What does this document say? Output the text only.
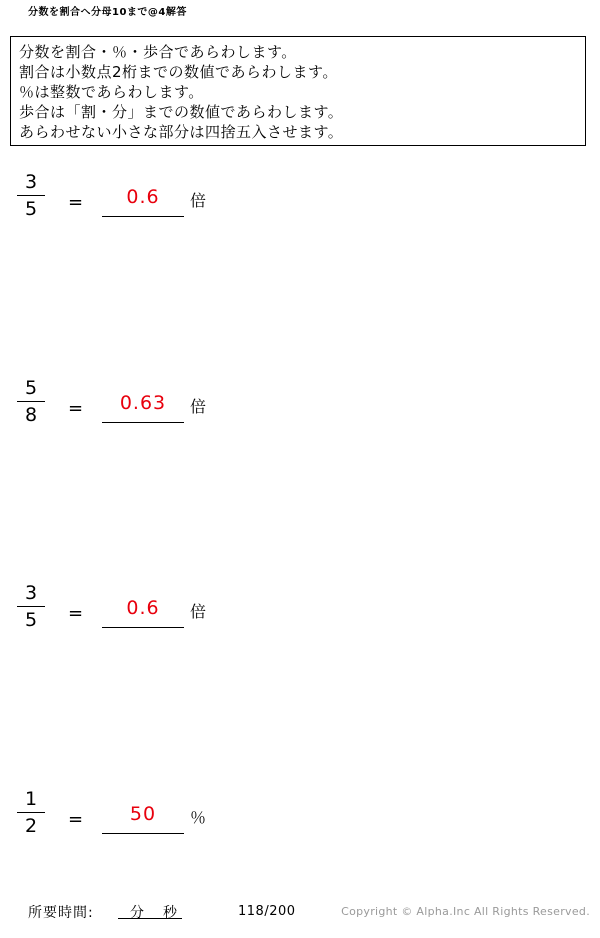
分数を割合へ分母10まで@4解答
分数を割合・％・歩合であらわします。
割合は小数点2桁までの数値であらわします。
％は整数であらわします。
歩合は「割・分」までの数値であらわします。
あらわせない小さな部分は四捨五入させます。
3
5	=	0.6	倍
5
8	=	0.63	倍
3
5	=	0.6	倍
1
2	=	50	％
所要時間:	分 秒	118/200	Copyright © Alpha.Inc All Rights Reserved.
